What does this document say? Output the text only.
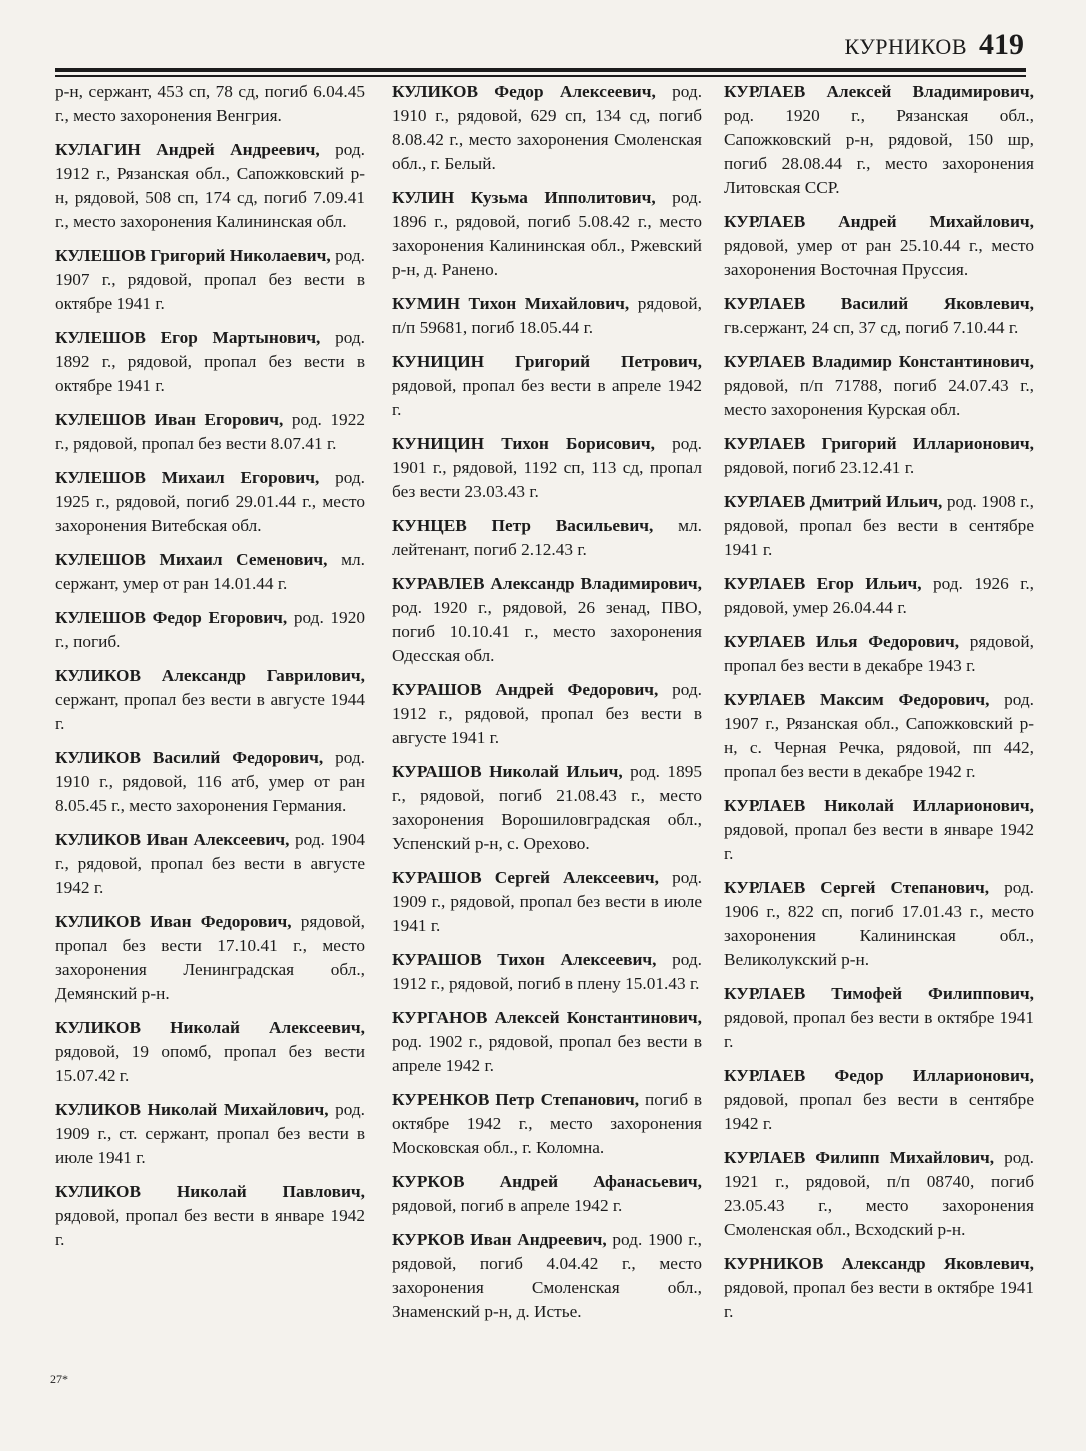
КУРНИКОВ 419

р-н, сержант, 453 сп, 78 сд, погиб 6.04.45 г., место захоронения Венгрия.

КУЛАГИН Андрей Андреевич, род. 1912 г., Рязанская обл., Сапожковский р-н, рядовой, 508 сп, 174 сд, погиб 7.09.41 г., место захоронения Калининская обл.

КУЛЕШОВ Григорий Николаевич, род. 1907 г., рядовой, пропал без вести в октябре 1941 г.

КУЛЕШОВ Егор Мартынович, род. 1892 г., рядовой, пропал без вести в октябре 1941 г.

КУЛЕШОВ Иван Егорович, род. 1922 г., рядовой, пропал без вести 8.07.41 г.

КУЛЕШОВ Михаил Егорович, род. 1925 г., рядовой, погиб 29.01.44 г., место захоронения Витебская обл.

КУЛЕШОВ Михаил Семенович, мл. сержант, умер от ран 14.01.44 г.

КУЛЕШОВ Федор Егорович, род. 1920 г., погиб.

КУЛИКОВ Александр Гаврилович, сержант, пропал без вести в августе 1944 г.

КУЛИКОВ Василий Федорович, род. 1910 г., рядовой, 116 атб, умер от ран 8.05.45 г., место захоронения Германия.

КУЛИКОВ Иван Алексеевич, род. 1904 г., рядовой, пропал без вести в августе 1942 г.

КУЛИКОВ Иван Федорович, рядовой, пропал без вести 17.10.41 г., место захоронения Ленинградская обл., Демянский р-н.

КУЛИКОВ Николай Алексеевич, рядовой, 19 опомб, пропал без вести 15.07.42 г.

КУЛИКОВ Николай Михайлович, род. 1909 г., ст. сержант, пропал без вести в июле 1941 г.

КУЛИКОВ Николай Павлович, рядовой, пропал без вести в январе 1942 г.

КУЛИКОВ Федор Алексеевич, род. 1910 г., рядовой, 629 сп, 134 сд, погиб 8.08.42 г., место захоронения Смоленская обл., г. Белый.

КУЛИН Кузьма Ипполитович, род. 1896 г., рядовой, погиб 5.08.42 г., место захоронения Калининская обл., Ржевский р-н, д. Ранено.

КУМИН Тихон Михайлович, рядовой, п/п 59681, погиб 18.05.44 г.

КУНИЦИН Григорий Петрович, рядовой, пропал без вести в апреле 1942 г.

КУНИЦИН Тихон Борисович, род. 1901 г., рядовой, 1192 сп, 113 сд, пропал без вести 23.03.43 г.

КУНЦЕВ Петр Васильевич, мл. лейтенант, погиб 2.12.43 г.

КУРАВЛЕВ Александр Владимирович, род. 1920 г., рядовой, 26 зенад, ПВО, погиб 10.10.41 г., место захоронения Одесская обл.

КУРАШОВ Андрей Федорович, род. 1912 г., рядовой, пропал без вести в августе 1941 г.

КУРАШОВ Николай Ильич, род. 1895 г., рядовой, погиб 21.08.43 г., место захоронения Ворошиловградская обл., Успенский р-н, с. Орехово.

КУРАШОВ Сергей Алексеевич, род. 1909 г., рядовой, пропал без вести в июле 1941 г.

КУРАШОВ Тихон Алексеевич, род. 1912 г., рядовой, погиб в плену 15.01.43 г.

КУРГАНОВ Алексей Константинович, род. 1902 г., рядовой, пропал без вести в апреле 1942 г.

КУРЕНКОВ Петр Степанович, погиб в октябре 1942 г., место захоронения Московская обл., г. Коломна.

КУРКОВ Андрей Афанасьевич, рядовой, погиб в апреле 1942 г.

КУРКОВ Иван Андреевич, род. 1900 г., рядовой, погиб 4.04.42 г., место захоронения Смоленская обл., Знаменский р-н, д. Истье.

КУРЛАЕВ Алексей Владимирович, род. 1920 г., Рязанская обл., Сапожковский р-н, рядовой, 150 шр, погиб 28.08.44 г., место захоронения Литовская ССР.

КУРЛАЕВ Андрей Михайлович, рядовой, умер от ран 25.10.44 г., место захоронения Восточная Пруссия.

КУРЛАЕВ Василий Яковлевич, гв.сержант, 24 сп, 37 сд, погиб 7.10.44 г.

КУРЛАЕВ Владимир Константинович, рядовой, п/п 71788, погиб 24.07.43 г., место захоронения Курская обл.

КУРЛАЕВ Григорий Илларионович, рядовой, погиб 23.12.41 г.

КУРЛАЕВ Дмитрий Ильич, род. 1908 г., рядовой, пропал без вести в сентябре 1941 г.

КУРЛАЕВ Егор Ильич, род. 1926 г., рядовой, умер 26.04.44 г.

КУРЛАЕВ Илья Федорович, рядовой, пропал без вести в декабре 1943 г.

КУРЛАЕВ Максим Федорович, род. 1907 г., Рязанская обл., Сапожковский р-н, с. Черная Речка, рядовой, пп 442, пропал без вести в декабре 1942 г.

КУРЛАЕВ Николай Илларионович, рядовой, пропал без вести в январе 1942 г.

КУРЛАЕВ Сергей Степанович, род. 1906 г., 822 сп, погиб 17.01.43 г., место захоронения Калининская обл., Великолукский р-н.

КУРЛАЕВ Тимофей Филиппович, рядовой, пропал без вести в октябре 1941 г.

КУРЛАЕВ Федор Илларионович, рядовой, пропал без вести в сентябре 1942 г.

КУРЛАЕВ Филипп Михайлович, род. 1921 г., рядовой, п/п 08740, погиб 23.05.43 г., место захоронения Смоленская обл., Всходский р-н.

КУРНИКОВ Александр Яковлевич, рядовой, пропал без вести в октябре 1941 г.

27*
